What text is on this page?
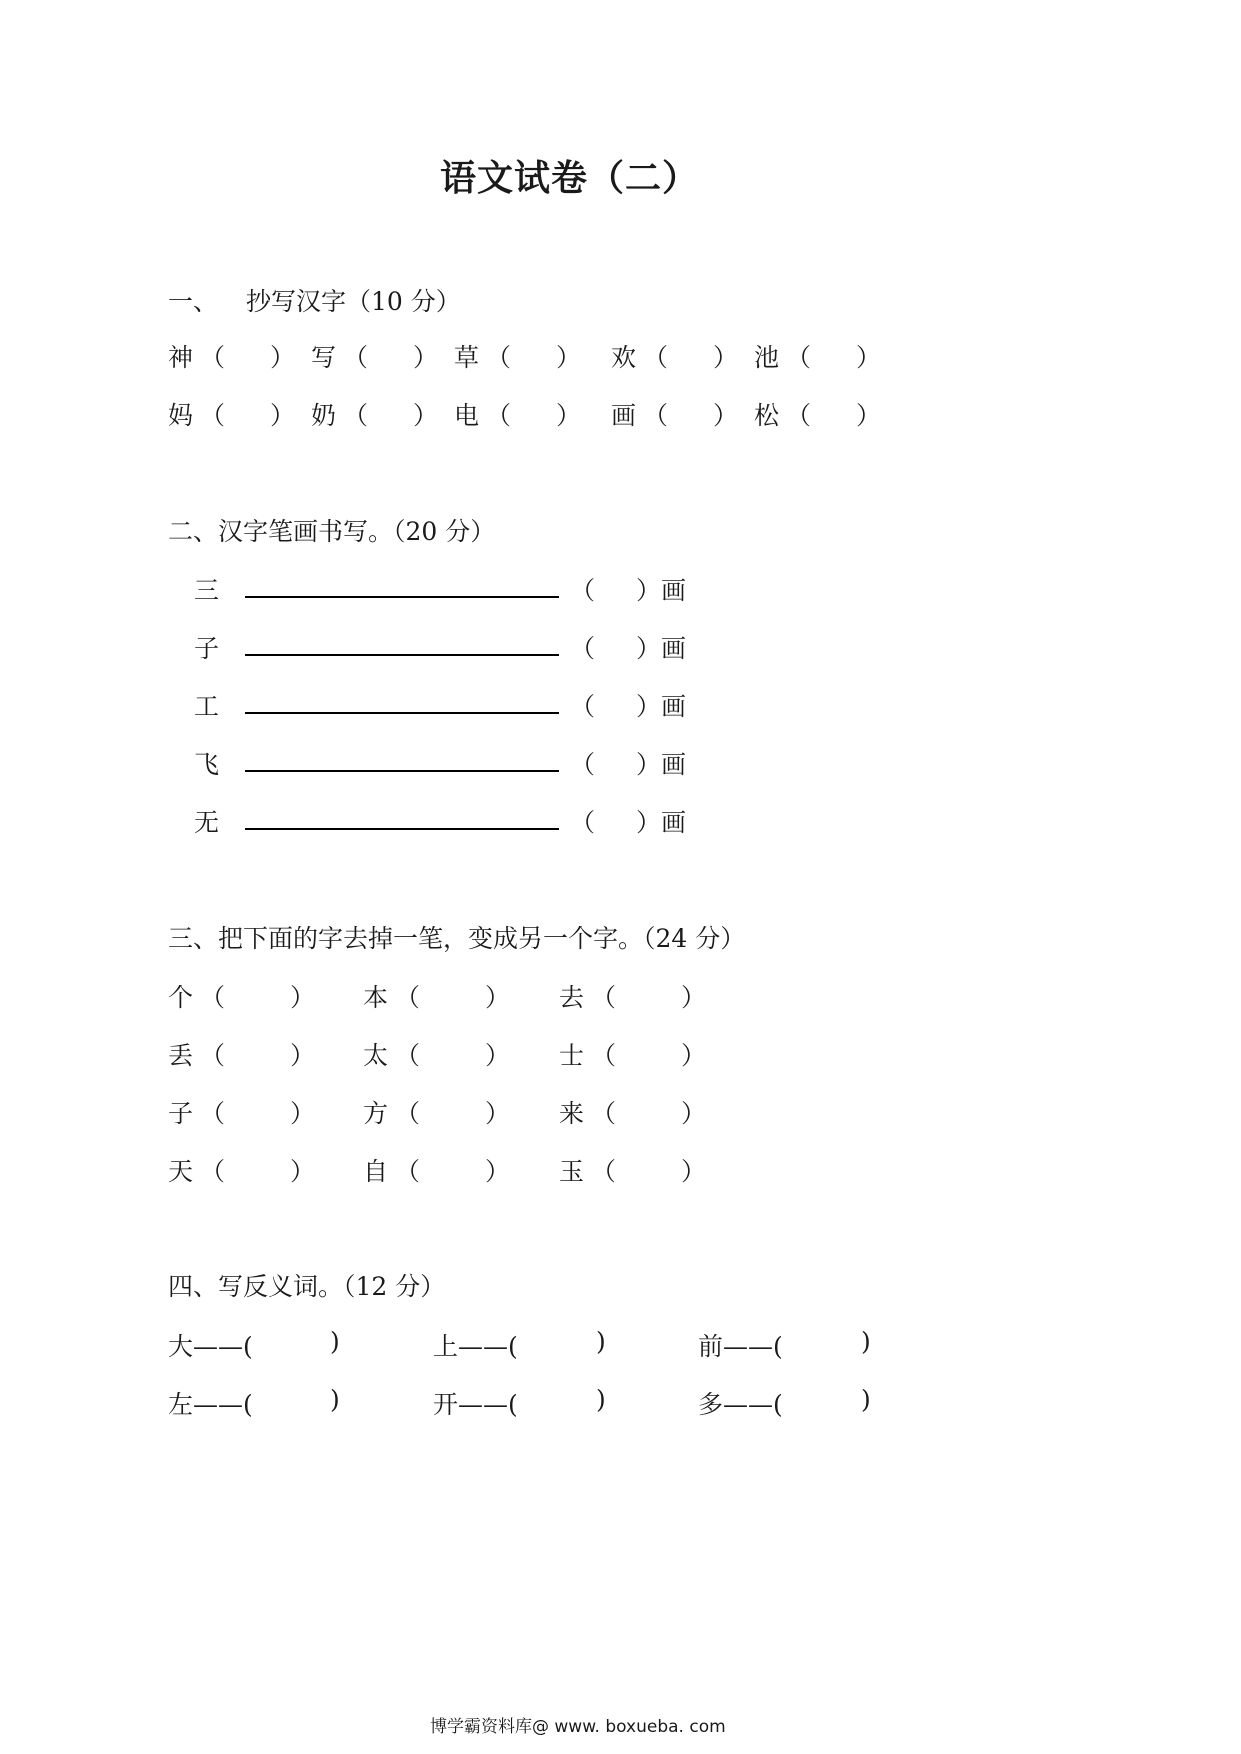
语文试卷（二）
一、 抄写汉字（10 分）
神 （ ） 写 （ ） 草 （ ） 欢 （ ） 池 （ ）
妈 （ ） 奶 （ ） 电 （ ） 画 （ ） 松 （ ）
二、汉字笔画书写。（20 分）
三	（ ）画
子	（ ）画
工	（ ）画
飞	（ ）画
无	（ ）画
三、把下面的字去掉一笔，变成另一个字。（24 分）
个 （	） 本 （	） 去 （	）
丢 （	） 太 （	） 士 （	）
子 （	） 方 （	） 来 （	）
天 （	） 自 （	） 玉 （	）
四、写反义词。（12 分）
大——(	)	上——(	)	前——(	)
左——(	)	开——(	)	多——(	)
博学霸资料库@ www. boxueba. com
